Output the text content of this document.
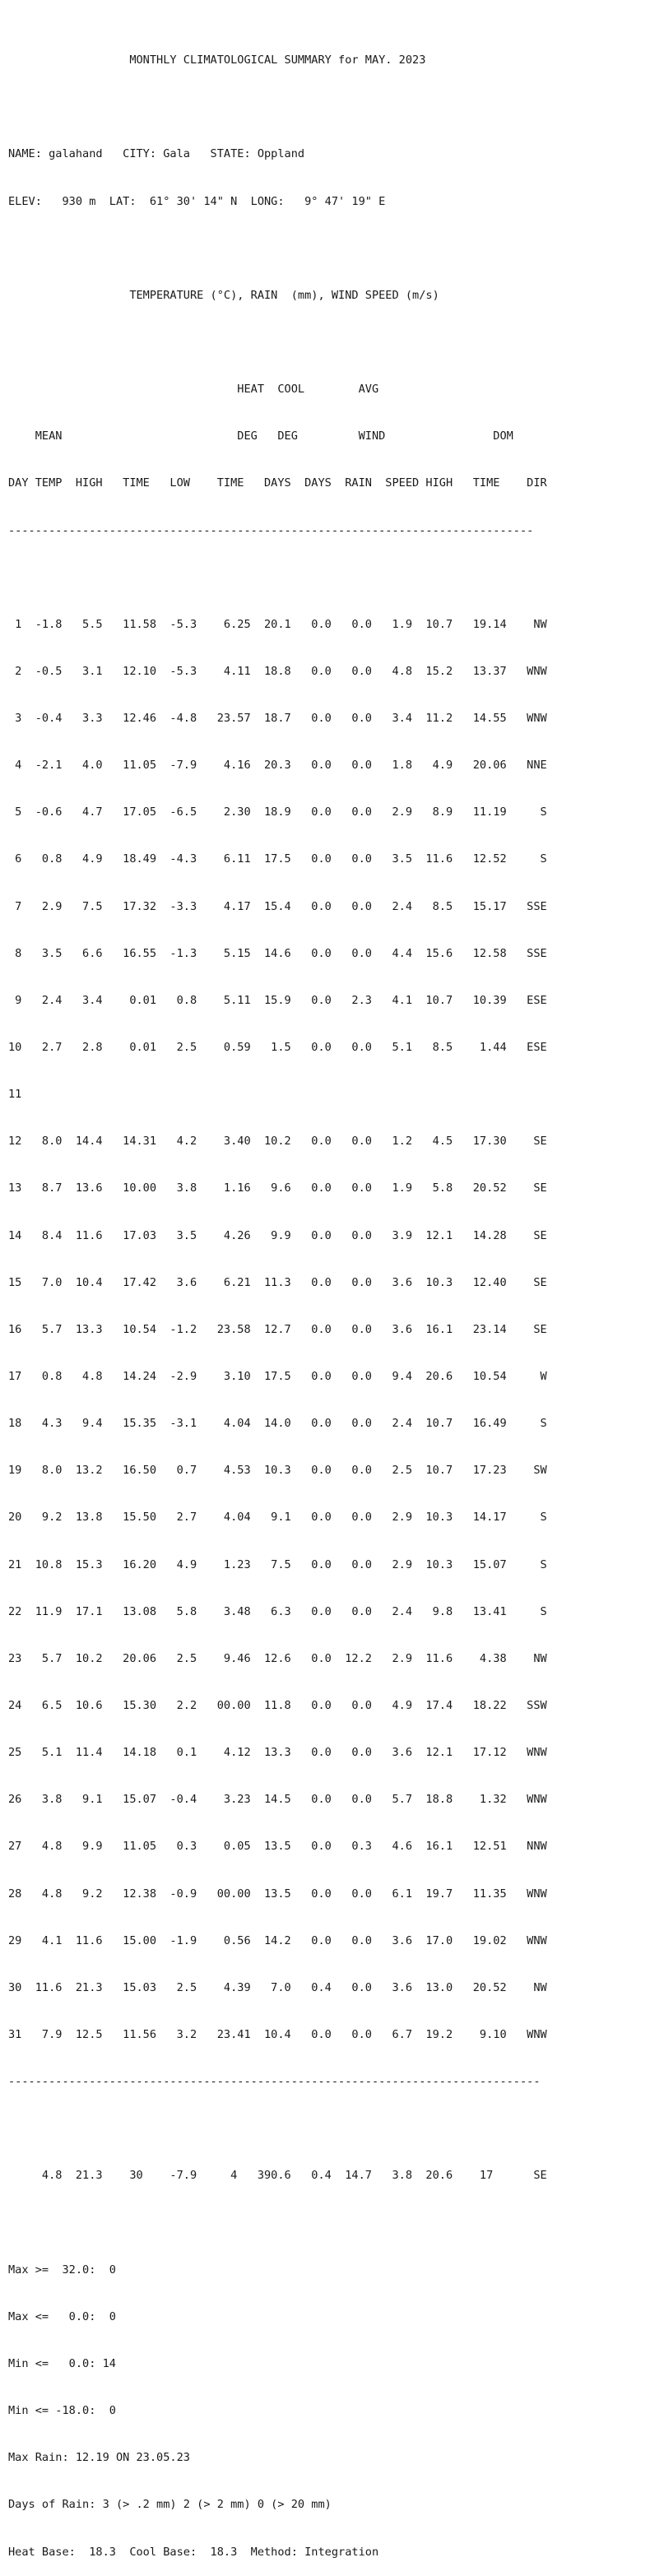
MONTHLY CLIMATOLOGICAL SUMMARY for MAY. 2023

NAME: galahand   CITY: Gala   STATE: Oppland

ELEV:   930 m  LAT:  61° 30' 14" N  LONG:   9° 47' 19" E

TEMPERATURE (°C), RAIN  (mm), WIND SPEED (m/s)

HEAT  COOL        AVG

MEAN                          DEG   DEG         WIND                DOM

DAY TEMP  HIGH   TIME   LOW    TIME   DAYS  DAYS  RAIN  SPEED HIGH   TIME    DIR

------------------------------------------------------------------------------

1  -1.8   5.5   11.58  -5.3    6.25  20.1   0.0   0.0   1.9  10.7   19.14    NW

2  -0.5   3.1   12.10  -5.3    4.11  18.8   0.0   0.0   4.8  15.2   13.37   WNW

3  -0.4   3.3   12.46  -4.8   23.57  18.7   0.0   0.0   3.4  11.2   14.55   WNW

4  -2.1   4.0   11.05  -7.9    4.16  20.3   0.0   0.0   1.8   4.9   20.06   NNE

5  -0.6   4.7   17.05  -6.5    2.30  18.9   0.0   0.0   2.9   8.9   11.19     S

6   0.8   4.9   18.49  -4.3    6.11  17.5   0.0   0.0   3.5  11.6   12.52     S

7   2.9   7.5   17.32  -3.3    4.17  15.4   0.0   0.0   2.4   8.5   15.17   SSE

8   3.5   6.6   16.55  -1.3    5.15  14.6   0.0   0.0   4.4  15.6   12.58   SSE

9   2.4   3.4    0.01   0.8    5.11  15.9   0.0   2.3   4.1  10.7   10.39   ESE

10   2.7   2.8    0.01   2.5    0.59   1.5   0.0   0.0   5.1   8.5    1.44   ESE

11

12   8.0  14.4   14.31   4.2    3.40  10.2   0.0   0.0   1.2   4.5   17.30    SE

13   8.7  13.6   10.00   3.8    1.16   9.6   0.0   0.0   1.9   5.8   20.52    SE

14   8.4  11.6   17.03   3.5    4.26   9.9   0.0   0.0   3.9  12.1   14.28    SE

15   7.0  10.4   17.42   3.6    6.21  11.3   0.0   0.0   3.6  10.3   12.40    SE

16   5.7  13.3   10.54  -1.2   23.58  12.7   0.0   0.0   3.6  16.1   23.14    SE

17   0.8   4.8   14.24  -2.9    3.10  17.5   0.0   0.0   9.4  20.6   10.54     W

18   4.3   9.4   15.35  -3.1    4.04  14.0   0.0   0.0   2.4  10.7   16.49     S

19   8.0  13.2   16.50   0.7    4.53  10.3   0.0   0.0   2.5  10.7   17.23    SW

20   9.2  13.8   15.50   2.7    4.04   9.1   0.0   0.0   2.9  10.3   14.17     S

21  10.8  15.3   16.20   4.9    1.23   7.5   0.0   0.0   2.9  10.3   15.07     S

22  11.9  17.1   13.08   5.8    3.48   6.3   0.0   0.0   2.4   9.8   13.41     S

23   5.7  10.2   20.06   2.5    9.46  12.6   0.0  12.2   2.9  11.6    4.38    NW

24   6.5  10.6   15.30   2.2   00.00  11.8   0.0   0.0   4.9  17.4   18.22   SSW

25   5.1  11.4   14.18   0.1    4.12  13.3   0.0   0.0   3.6  12.1   17.12   WNW

26   3.8   9.1   15.07  -0.4    3.23  14.5   0.0   0.0   5.7  18.8    1.32   WNW

27   4.8   9.9   11.05   0.3    0.05  13.5   0.0   0.3   4.6  16.1   12.51   NNW

28   4.8   9.2   12.38  -0.9   00.00  13.5   0.0   0.0   6.1  19.7   11.35   WNW

29   4.1  11.6   15.00  -1.9    0.56  14.2   0.0   0.0   3.6  17.0   19.02   WNW

30  11.6  21.3   15.03   2.5    4.39   7.0   0.4   0.0   3.6  13.0   20.52    NW

31   7.9  12.5   11.56   3.2   23.41  10.4   0.0   0.0   6.7  19.2    9.10   WNW

-------------------------------------------------------------------------------

4.8  21.3    30    -7.9     4   390.6   0.4  14.7   3.8  20.6    17      SE

Max >=  32.0:  0

Max <=   0.0:  0

Min <=   0.0: 14

Min <= -18.0:  0

Max Rain: 12.19 ON 23.05.23

Days of Rain: 3 (> .2 mm) 2 (> 2 mm) 0 (> 20 mm)

Heat Base:  18.3  Cool Base:  18.3  Method: Integration
